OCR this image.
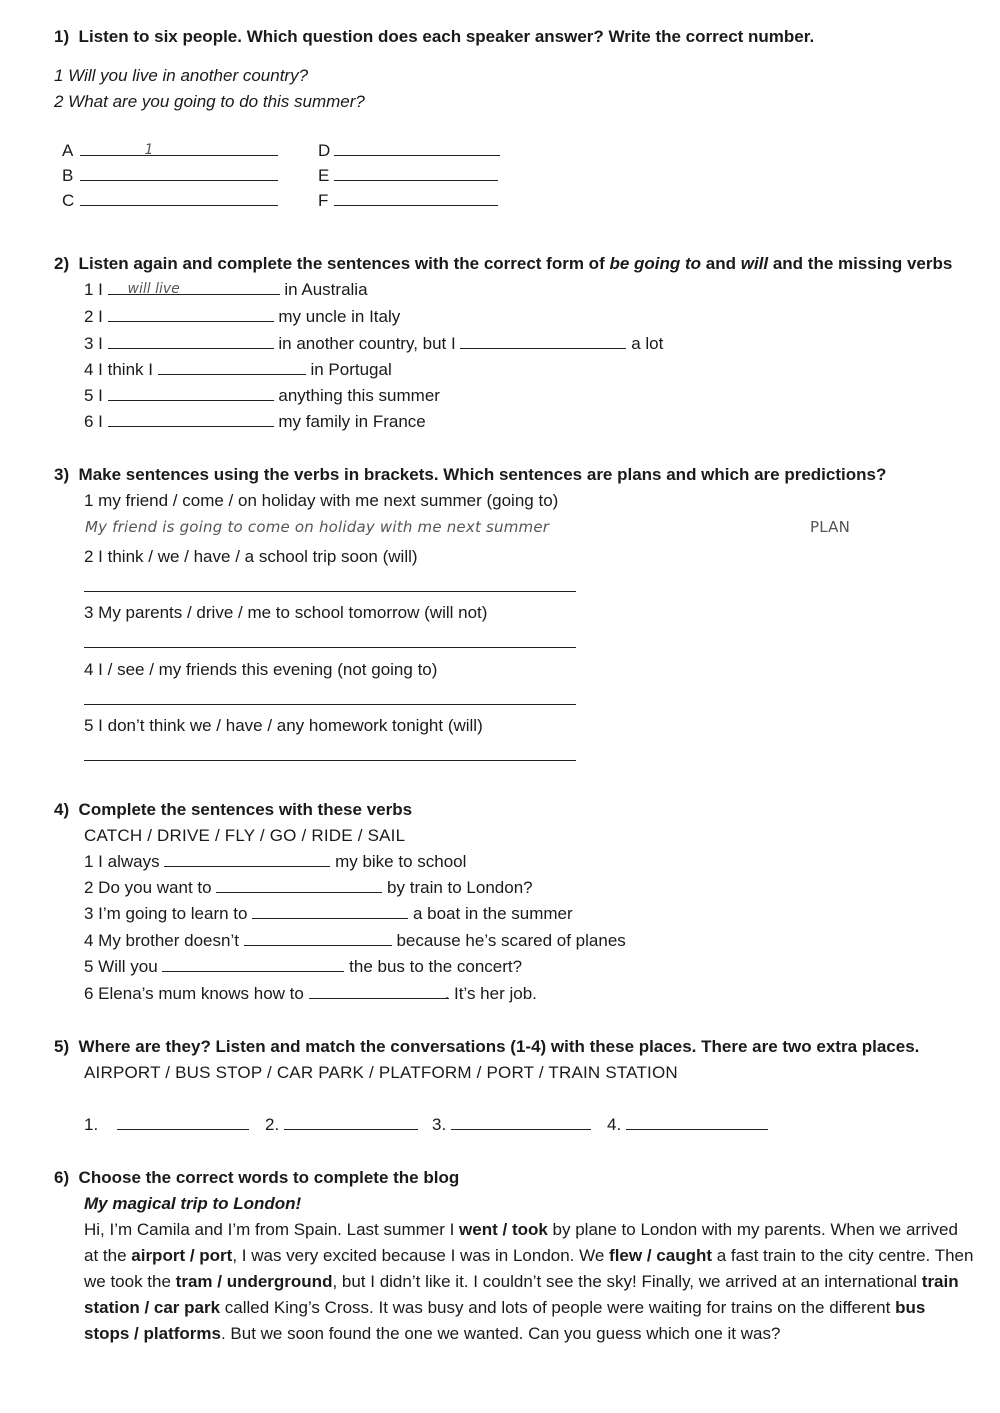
1)  Listen to six people. Which question does each speaker answer? Write the correct number.
1 Will you live in another country?
2 What are you going to do this summer?
A	1
B
C
D
E
F
2)  Listen again and complete the sentences with the correct form of be going to and will and the missing verbs
1 I	will live	in Australia
2 I	my uncle in Italy
3 I	in another country, but I	a lot
4 I think I	in Portugal
5 I	anything this summer
6 I	my family in France
3)  Make sentences using the verbs in brackets. Which sentences are plans and which are predictions?
1 my friend / come / on holiday with me next summer (going to)
My friend is going to come on holiday with me next summer	PLAN
2 I think / we / have / a school trip soon (will)
3 My parents / drive / me to school tomorrow (will not)
4 I / see / my friends this evening (not going to)
5 I don’t think we / have / any homework tonight (will)
4)  Complete the sentences with these verbs
CATCH / DRIVE / FLY / GO / RIDE / SAIL
1 I always	my bike to school
2 Do you want to	by train to London?
3 I’m going to learn to	a boat in the summer
4 My brother doesn’t	because he’s scared of planes
5 Will you	the bus to the concert?
6 Elena’s mum knows how to	. It’s her job.
5)  Where are they? Listen and match the conversations (1-4) with these places. There are two extra places.
AIRPORT / BUS STOP / CAR PARK / PLATFORM / PORT / TRAIN STATION
1.	2.	3.	4.
6)  Choose the correct words to complete the blog
My magical trip to London!
Hi, I’m Camila and I’m from Spain. Last summer I went / took by plane to London with my parents. When we arrived at the airport / port, I was very excited because I was in London. We flew / caught a fast train to the city centre. Then we took the tram / underground, but I didn’t like it. I couldn’t see the sky! Finally, we arrived at an international train station / car park called King’s Cross. It was busy and lots of people were waiting for trains on the different bus stops / platforms. But we soon found the one we wanted. Can you guess which one it was?
